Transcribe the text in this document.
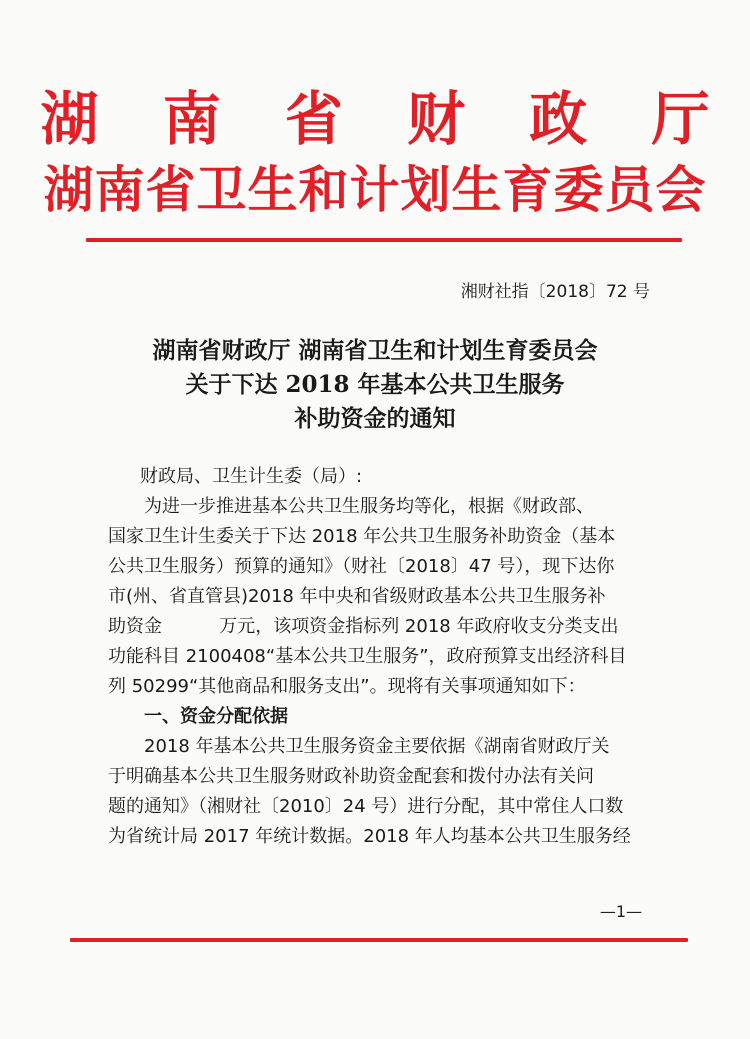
湖 南 省 财 政 厅
湖南省卫生和计划生育委员会
湘财社指〔2018〕72 号
湖南省财政厅 湖南省卫生和计划生育委员会
关于下达 2018 年基本公共卫生服务
补助资金的通知
财政局、卫生计生委（局）:
为进一步推进基本公共卫生服务均等化，根据《财政部、
国家卫生计生委关于下达 2018 年公共卫生服务补助资金（基本
公共卫生服务）预算的通知》（财社〔2018〕47 号），现下达你
市(州、省直管县)2018 年中央和省级财政基本公共卫生服务补
助资金          万元，该项资金指标列 2018 年政府收支分类支出
功能科目 2100408“基本公共卫生服务”，政府预算支出经济科目
列 50299“其他商品和服务支出”。现将有关事项通知如下：
一、资金分配依据
2018 年基本公共卫生服务资金主要依据《湖南省财政厅关
于明确基本公共卫生服务财政补助资金配套和拨付办法有关问
题的通知》（湘财社〔2010〕24 号）进行分配，其中常住人口数
为省统计局 2017 年统计数据。2018 年人均基本公共卫生服务经
—1—
